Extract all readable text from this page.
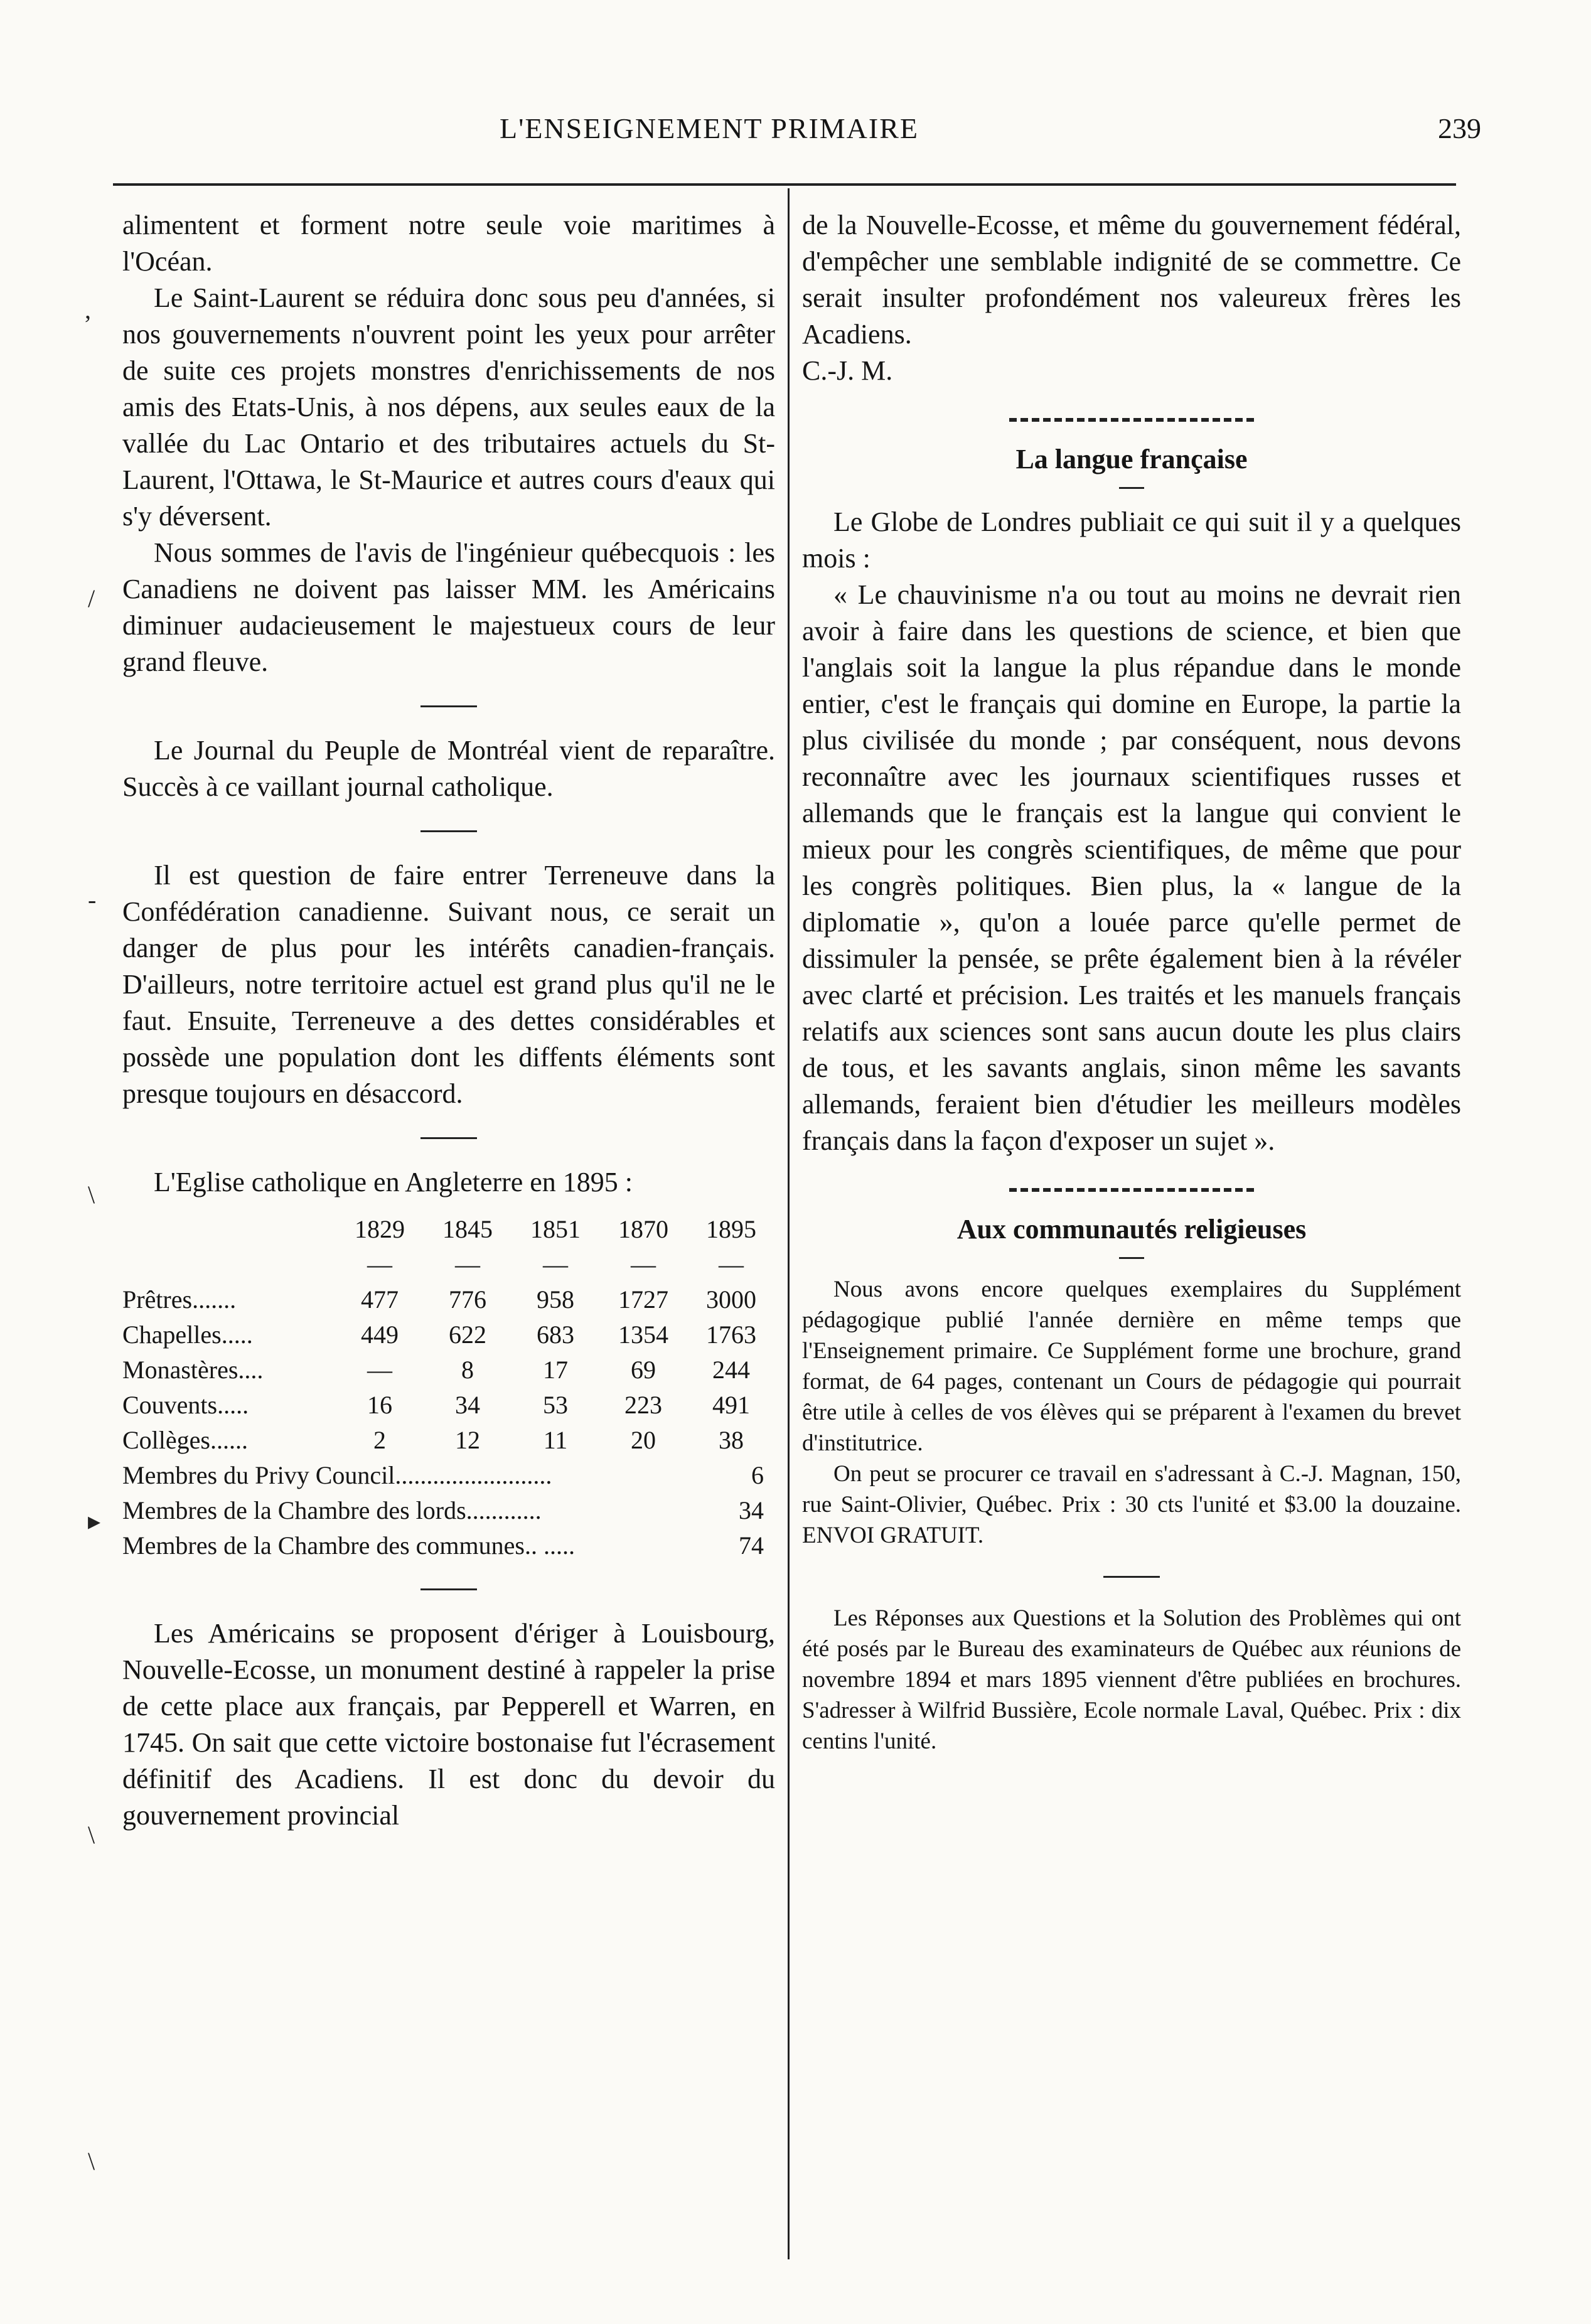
L'ENSEIGNEMENT PRIMAIRE	239
,
/
-
\
▸
\
\

alimentent et forment notre seule voie maritimes à l'Océan.

Le Saint-Laurent se réduira donc sous peu d'années, si nos gouvernements n'ouvrent point les yeux pour arrêter de suite ces projets monstres d'enrichissements de nos amis des Etats-Unis, à nos dépens, aux seules eaux de la vallée du Lac Ontario et des tributaires actuels du St-Laurent, l'Ottawa, le St-Maurice et autres cours d'eaux qui s'y déversent.

Nous sommes de l'avis de l'ingénieur québecquois : les Canadiens ne doivent pas laisser MM. les Américains diminuer audacieusement le majestueux cours de leur grand fleuve.

Le Journal du Peuple de Montréal vient de reparaître. Succès à ce vaillant journal catholique.

Il est question de faire entrer Terreneuve dans la Confédération canadienne. Suivant nous, ce serait un danger de plus pour les intérêts canadien-français. D'ailleurs, notre territoire actuel est grand plus qu'il ne le faut. Ensuite, Terreneuve a des dettes considérables et possède une population dont les diffents éléments sont presque toujours en désaccord.

L'Eglise catholique en Angleterre en 1895 :

	1829	1845	1851	1870	1895
	—	—	—	—	—
Prêtres.......	477	776	958	1727	3000
Chapelles.....	449	622	683	1354	1763
Monastères....	—	8	17	69	244
Couvents.....	16	34	53	223	491
Collèges......	2	12	11	20	38
Membres du Privy Council.........................					6
Membres de la Chambre des lords............					34
Membres de la Chambre des communes.. .....					74

Les Américains se proposent d'ériger à Louisbourg, Nouvelle-Ecosse, un monument destiné à rappeler la prise de cette place aux français, par Pepperell et Warren, en 1745. On sait que cette victoire bostonaise fut l'écrasement définitif des Acadiens. Il est donc du devoir du gouvernement provincial

de la Nouvelle-Ecosse, et même du gouvernement fédéral, d'empêcher une semblable indignité de se commettre. Ce serait insulter profondément nos valeureux frères les Acadiens.

C.-J. M.

La langue française

Le Globe de Londres publiait ce qui suit il y a quelques mois :

« Le chauvinisme n'a ou tout au moins ne devrait rien avoir à faire dans les questions de science, et bien que l'anglais soit la langue la plus répandue dans le monde entier, c'est le français qui domine en Europe, la partie la plus civilisée du monde ; par conséquent, nous devons reconnaître avec les journaux scientifiques russes et allemands que le français est la langue qui convient le mieux pour les congrès scientifiques, de même que pour les congrès politiques. Bien plus, la « langue de la diplomatie », qu'on a louée parce qu'elle permet de dissimuler la pensée, se prête également bien à la révéler avec clarté et précision. Les traités et les manuels français relatifs aux sciences sont sans aucun doute les plus clairs de tous, et les savants anglais, sinon même les savants allemands, feraient bien d'étudier les meilleurs modèles français dans la façon d'exposer un sujet ».

Aux communautés religieuses

Nous avons encore quelques exemplaires du Supplément pédagogique publié l'année dernière en même temps que l'Enseignement primaire. Ce Supplément forme une brochure, grand format, de 64 pages, contenant un Cours de pédagogie qui pourrait être utile à celles de vos élèves qui se préparent à l'examen du brevet d'institutrice.

On peut se procurer ce travail en s'adressant à C.-J. Magnan, 150, rue Saint-Olivier, Québec. Prix : 30 cts l'unité et $3.00 la douzaine. ENVOI GRATUIT.

Les Réponses aux Questions et la Solution des Problèmes qui ont été posés par le Bureau des examinateurs de Québec aux réunions de novembre 1894 et mars 1895 viennent d'être publiées en brochures. S'adresser à Wilfrid Bussière, Ecole normale Laval, Québec. Prix : dix centins l'unité.
